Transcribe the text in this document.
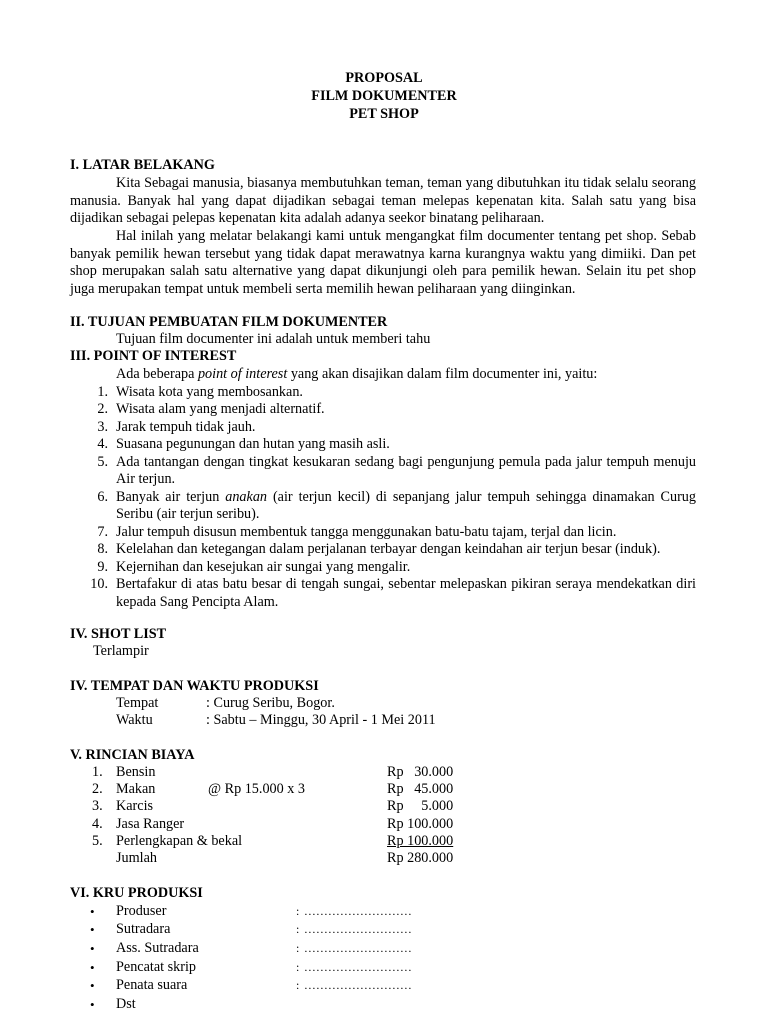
PROPOSAL
FILM DOKUMENTER
PET SHOP
I. LATAR BELAKANG
Kita Sebagai manusia, biasanya membutuhkan teman, teman yang dibutuhkan itu tidak selalu seorang manusia. Banyak hal yang dapat dijadikan sebagai teman melepas kepenatan kita. Salah satu yang bisa dijadikan sebagai pelepas kepenatan kita adalah adanya seekor binatang peliharaan.
Hal inilah yang melatar belakangi kami untuk mengangkat film documenter tentang pet shop. Sebab banyak pemilik hewan tersebut yang tidak dapat merawatnya karna kurangnya waktu yang dimiiki. Dan pet shop merupakan salah satu alternative yang dapat dikunjungi oleh para pemilik hewan. Selain itu pet shop juga merupakan tempat untuk membeli serta memilih hewan peliharaan yang diinginkan.
II. TUJUAN PEMBUATAN FILM DOKUMENTER
Tujuan film documenter ini adalah untuk memberi tahu
III. POINT OF INTEREST
Ada beberapa point of interest yang akan disajikan dalam film documenter ini, yaitu:
1. Wisata kota yang membosankan.
2. Wisata alam yang menjadi alternatif.
3. Jarak tempuh tidak jauh.
4. Suasana pegunungan dan hutan yang masih asli.
5. Ada tantangan dengan tingkat kesukaran sedang bagi pengunjung pemula pada jalur tempuh menuju Air terjun.
6. Banyak air terjun anakan (air terjun kecil) di sepanjang jalur tempuh sehingga dinamakan Curug Seribu (air terjun seribu).
7. Jalur tempuh disusun membentuk tangga menggunakan batu-batu tajam, terjal dan licin.
8. Kelelahan dan ketegangan dalam perjalanan terbayar dengan keindahan air terjun besar (induk).
9. Kejernihan dan kesejukan air sungai yang mengalir.
10. Bertafakur di atas batu besar di tengah sungai, sebentar melepaskan pikiran seraya mendekatkan diri kepada Sang Pencipta Alam.
IV. SHOT LIST
Terlampir
IV. TEMPAT DAN WAKTU PRODUKSI
Tempat	: Curug Seribu, Bogor.
Waktu	: Sabtu – Minggu, 30 April - 1 Mei 2011
V. RINCIAN BIAYA
1. Bensin	Rp   30.000
2. Makan	@ Rp 15.000 x 3	Rp   45.000
3. Karcis	Rp     5.000
4. Jasa Ranger	Rp 100.000
5. Perlengkapan & bekal	Rp 100.000
Jumlah	Rp 280.000
VI. KRU PRODUKSI
• Produser	: ...........................
• Sutradara	: ...........................
• Ass. Sutradara	: ...........................
• Pencatat skrip	: ...........................
• Penata suara	: ...........................
• Dst
